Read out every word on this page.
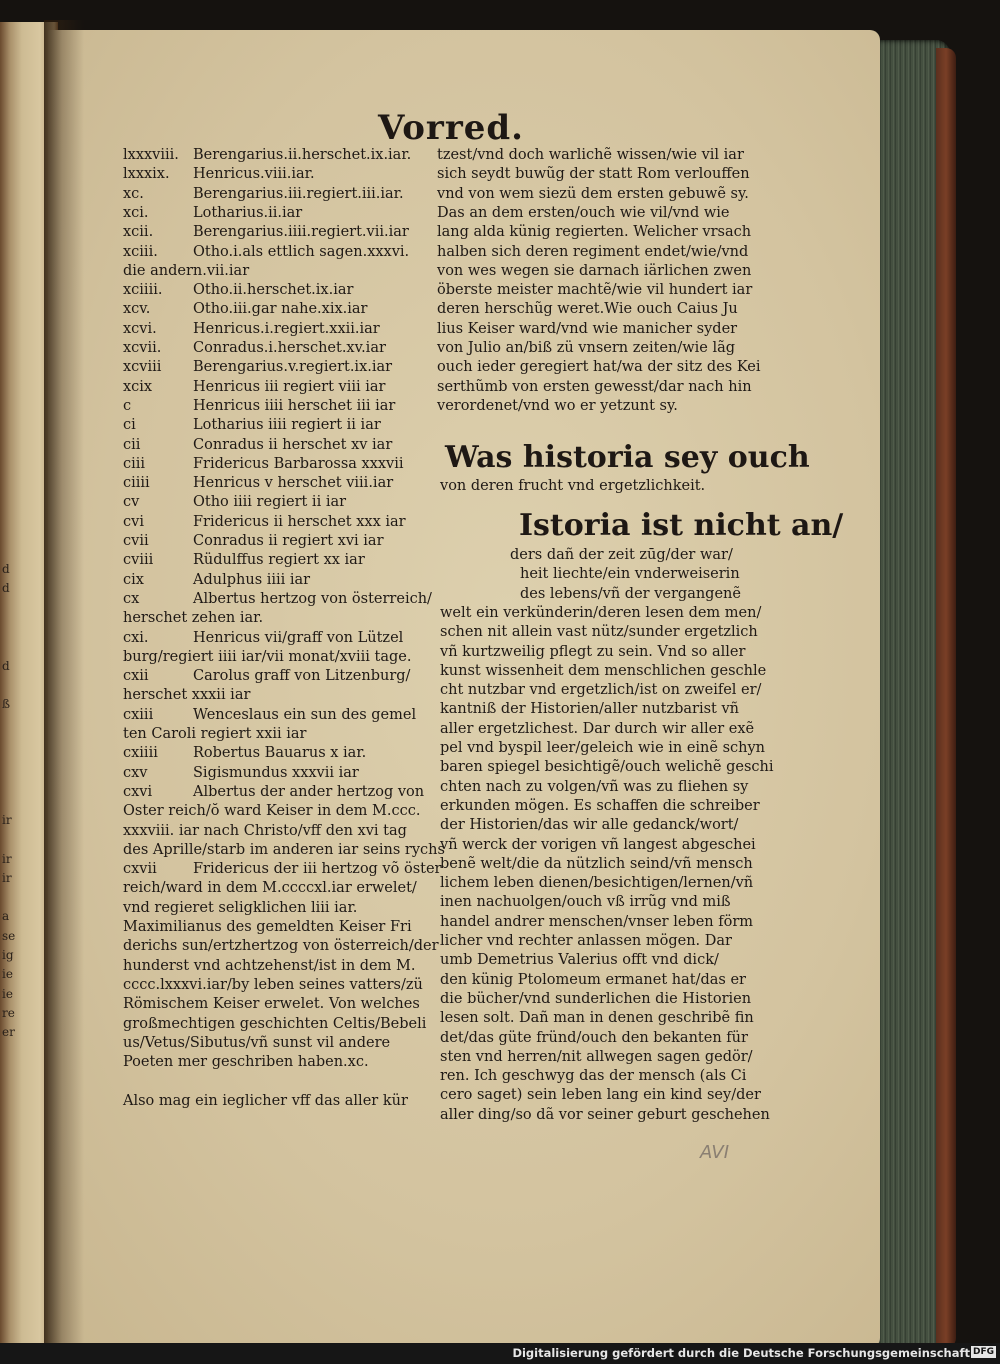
d
d
d
ß
ir
ir
ir
a
se
ig
ie
ie
re
er
Vorred.
lxxxviii. Berengarius.ii.herschet.ix.iar.
lxxxix. Henricus.viii.iar.
xc.	Berengarius.iii.regiert.iii.iar.
xci.	Lotharius.ii.iar
xcii.	Berengarius.iiii.regiert.vii.iar
xciii. Otho.i.als ettlich sagen.xxxvi.
die andern.vii.iar
xciiii. Otho.ii.herschet.ix.iar
xcv.	Otho.iii.gar nahe.xix.iar
xcvi.	Henricus.i.regiert.xxii.iar
xcvii. Conradus.i.herschet.xv.iar
xcviii Berengarius.v.regiert.ix.iar
xcix	Henricus iii regiert viii iar
c	Henricus iiii herschet iii iar
ci	Lotharius iiii regiert ii iar
cii	Conradus ii herschet xv iar
ciii	Fridericus Barbarossa xxxvii
ciiii	Henricus v herschet viii.iar
cv	Otho iiii regiert ii iar
cvi	Fridericus ii herschet xxx iar
cvii	Conradus ii regiert xvi iar
cviii	Rüdulffus regiert xx iar
cix	Adulphus iiii iar
cx	Albertus hertzog von österreich/
herschet zehen iar.
cxi.	Henricus vii/graff von Lützel
burg/regiert iiii iar/vii monat/xviii tage.
cxii	Carolus graff von Litzenburg/
herschet xxxii iar
cxiii	Wenceslaus ein sun des gemel
ten Caroli regiert xxii iar
cxiiii Robertus Bauarus x iar.
cxv	Sigismundus xxxvii iar
cxvi	Albertus der ander hertzog von
Oster reich/ŏ ward Keiser in dem M.ccc.
xxxviii. iar nach Christo/vff den xvi tag
des Aprille/starb im anderen iar seins rychs
cxvii Fridericus der iii hertzog võ öster
reich/ward in dem M.ccccxl.iar erwelet/
vnd regieret seligklichen liii iar.
Maximilianus des gemeldten Keiser Fri
derichs sun/ertzhertzog von österreich/der
hunderst vnd achtzehenst/ist in dem M.
cccc.lxxxvi.iar/by leben seines vatters/zü
Römischem Keiser erwelet. Von welches
großmechtigen geschichten Celtis/Bebeli
us/Vetus/Sibutus/vñ sunst vil andere
Poeten mer geschriben haben.xc.
Also mag ein ieglicher vff das aller kür
tzest/vnd doch warlichẽ wissen/wie vil iar
sich seydt buwũg der statt Rom verlouffen
vnd von wem siezü dem ersten gebuwẽ sy.
Das an dem ersten/ouch wie vil/vnd wie
lang alda künig regierten. Welicher vrsach
halben sich deren regiment endet/wie/vnd
von wes wegen sie darnach iärlichen zwen
öberste meister machtẽ/wie vil hundert iar
deren herschũg weret.Wie ouch Caius Ju
lius Keiser ward/vnd wie manicher syder
von Julio an/biß zü vnsern zeiten/wie lãg
ouch ieder geregiert hat/wa der sitz des Kei
serthũmb von ersten gewesst/dar nach hin
verordenet/vnd wo er yetzunt sy.
Was historia sey ouch
von deren frucht vnd ergetzlichkeit.
Istoria ist nicht an/
ders dañ der zeit zūg/der war/
heit liechte/ein vnderweiserin
des lebens/vñ der vergangenẽ
welt ein verkünderin/deren lesen dem men/
schen nit allein vast nütz/sunder ergetzlich
vñ kurtzweilig pflegt zu sein. Vnd so aller
kunst wissenheit dem menschlichen geschle
cht nutzbar vnd ergetzlich/ist on zweifel er/
kantniß der Historien/aller nutzbarist vñ
aller ergetzlichest. Dar durch wir aller exẽ
pel vnd byspil leer/geleich wie in einẽ schyn
baren spiegel besichtigẽ/ouch welichẽ geschi
chten nach zu volgen/vñ was zu fliehen sy
erkunden mögen. Es schaffen die schreiber
der Historien/das wir alle gedanck/wort/
vñ werck der vorigen vñ langest abgeschei
benẽ welt/die da nützlich seind/vñ mensch
lichem leben dienen/besichtigen/lernen/vñ
inen nachuolgen/ouch vß irrũg vnd miß
handel andrer menschen/vnser leben förm
licher vnd rechter anlassen mögen. Dar
umb Demetrius Valerius offt vnd dick/
den künig Ptolomeum ermanet hat/das er
die bücher/vnd sunderlichen die Historien
lesen solt. Dañ man in denen geschribẽ fin
det/das güte fründ/ouch den bekanten für
sten vnd herren/nit allwegen sagen gedör/
ren. Ich geschwyg das der mensch (als Ci
cero saget) sein leben lang ein kind sey/der
aller ding/so dã vor seiner geburt geschehen
AVI
Digitalisierung gefördert durch die Deutsche Forschungsgemeinschaft DFG
